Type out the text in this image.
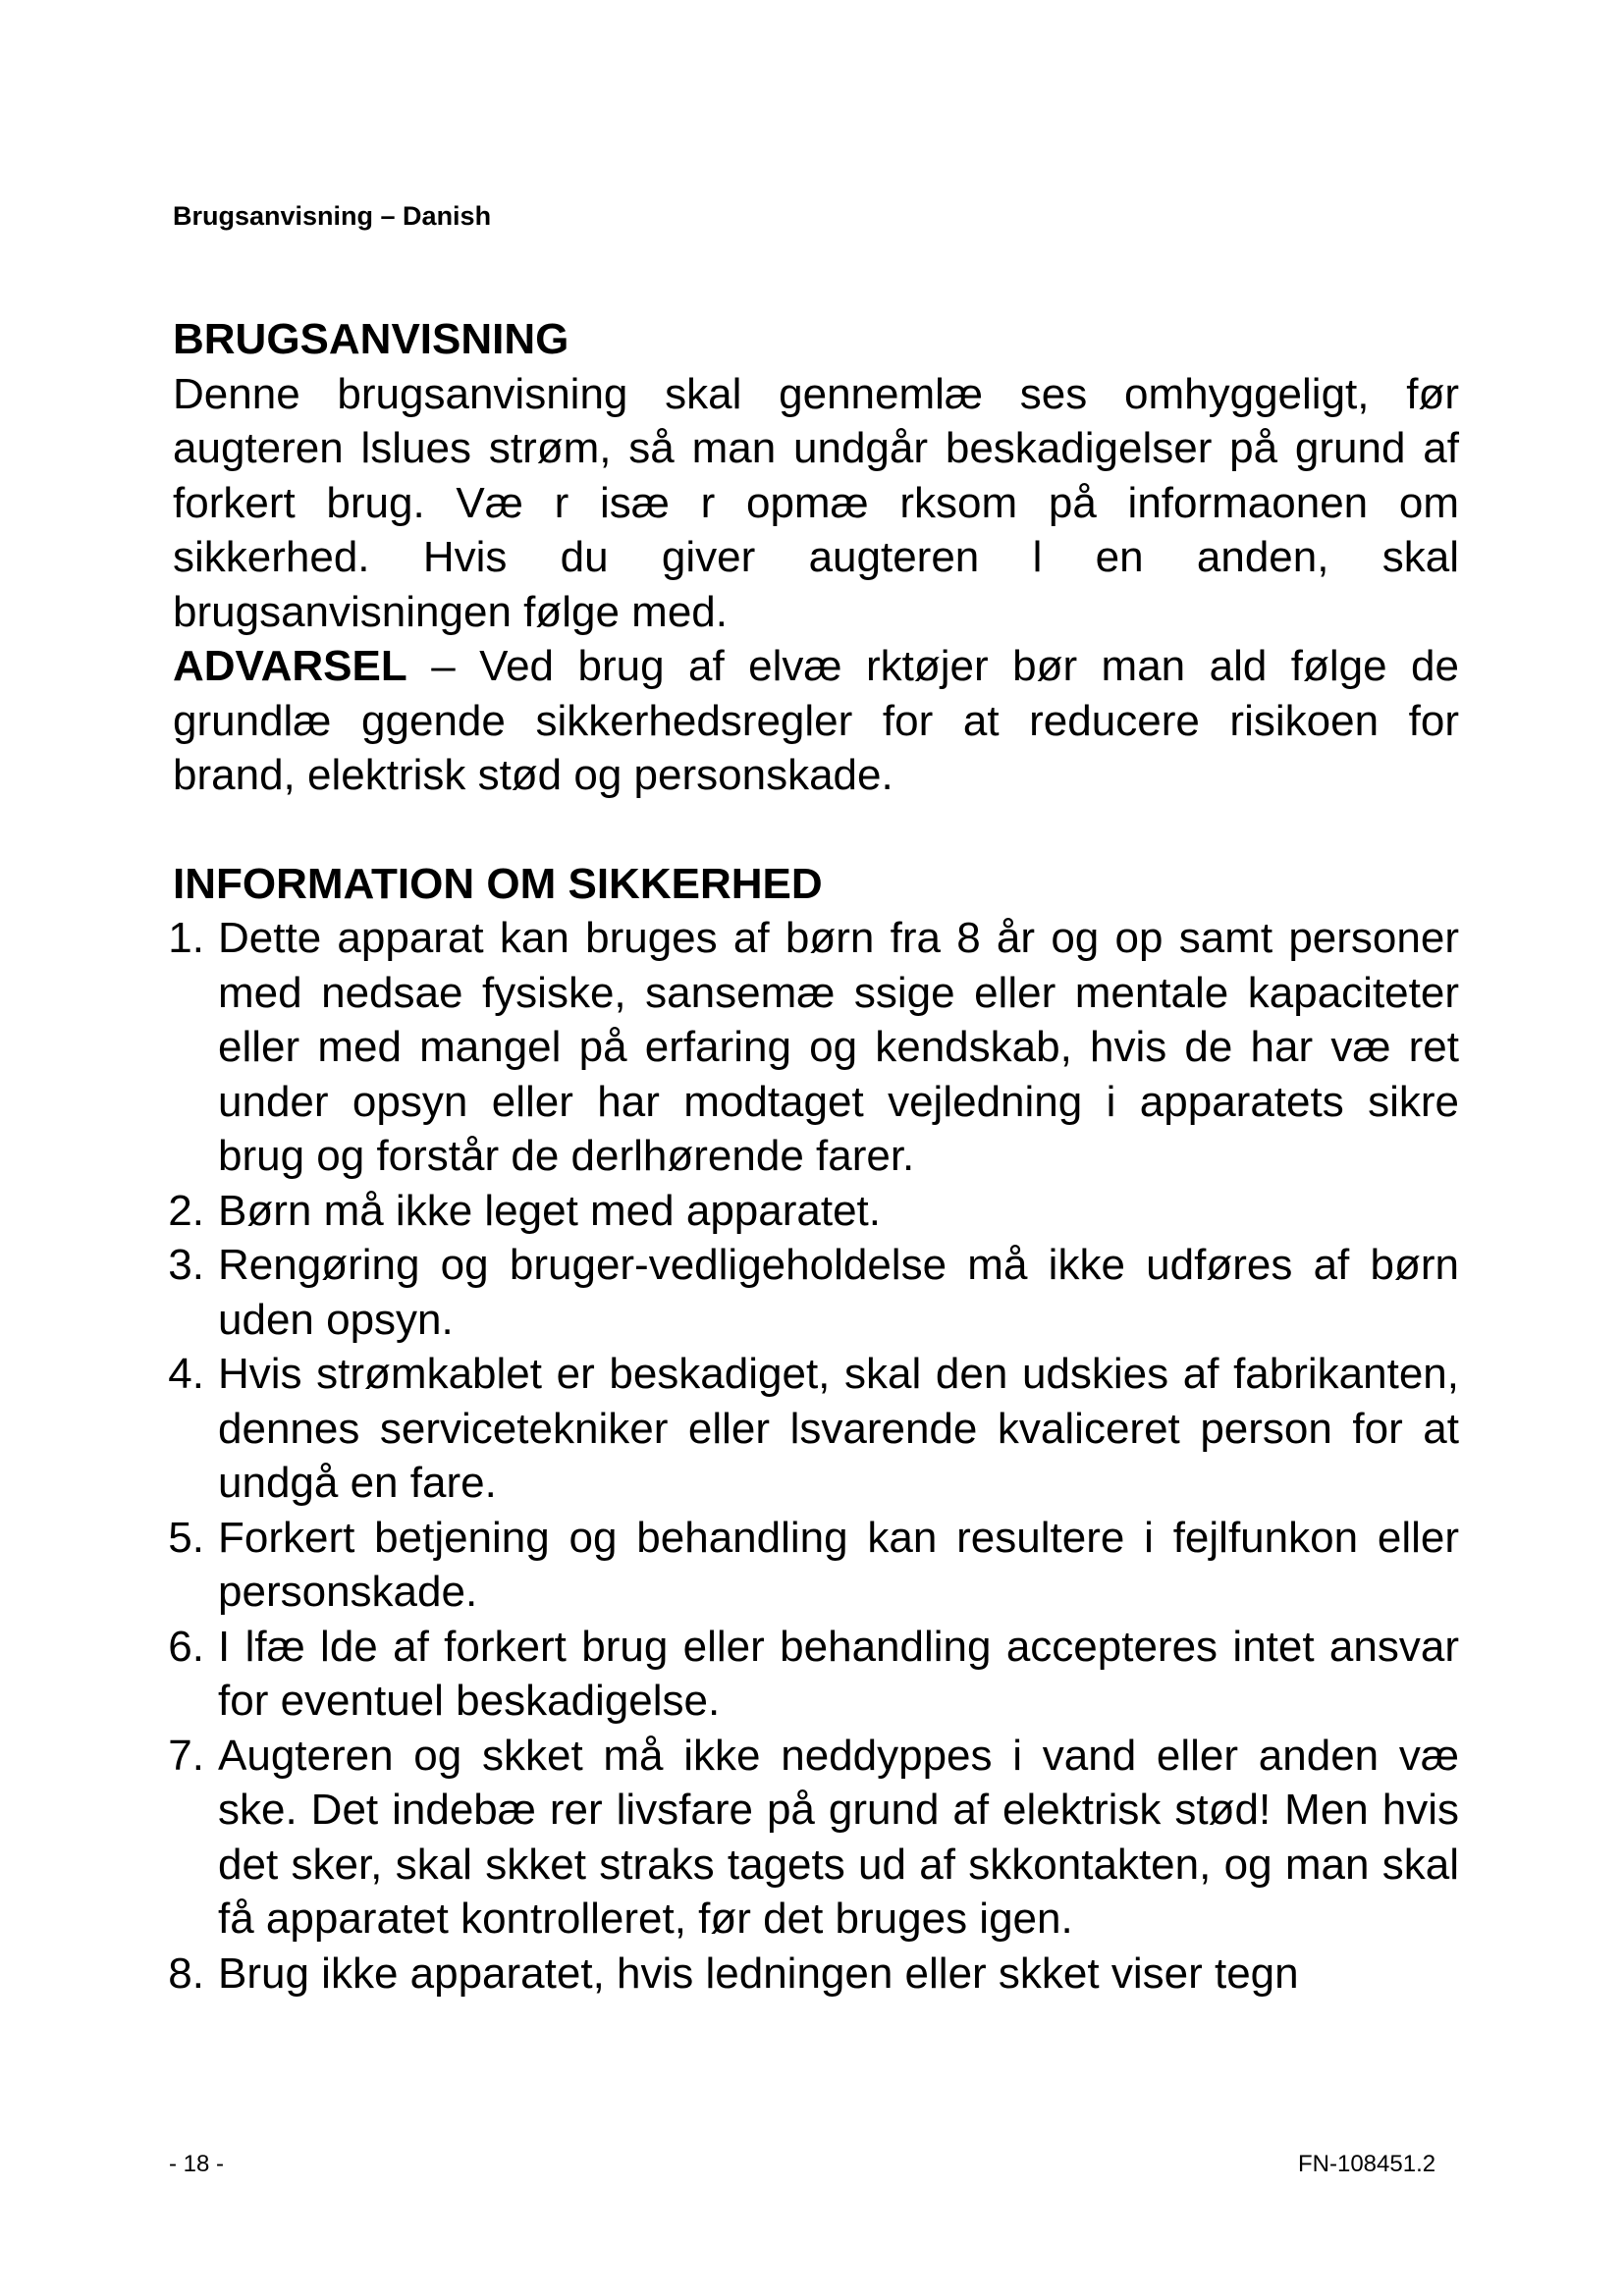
Brugsanvisning – Danish
BRUGSANVISNING
Denne brugsanvisning skal gennemlæ ses omhyggeligt, før augteren lslues strøm, så man undgår beskadigelser på grund af forkert brug. Væ r isæ r opmæ rksom på informaonen om sikkerhed. Hvis du giver augteren l en anden, skal brugsanvisningen følge med.
ADVARSEL – Ved brug af elvæ rktøjer bør man ald følge de grundlæ ggende sikkerhedsregler for at reducere risikoen for brand, elektrisk stød og personskade.
INFORMATION OM SIKKERHED
1. Dette apparat kan bruges af børn fra 8 år og op samt personer med nedsae fysiske, sansemæ ssige eller mentale kapaciteter eller med mangel på erfaring og kendskab, hvis de har væ ret under opsyn eller har modtaget vejledning i apparatets sikre brug og forstår de derlhørende farer.
2. Børn må ikke leget med apparatet.
3. Rengøring og bruger-vedligeholdelse må ikke udføres af børn uden opsyn.
4. Hvis strømkablet er beskadiget, skal den udskies af fabrikanten, dennes servicetekniker eller lsvarende kvaliceret person for at undgå en fare.
5. Forkert betjening og behandling kan resultere i fejlfunkon eller personskade.
6. I lfæ lde af forkert brug eller behandling accepteres intet ansvar for eventuel beskadigelse.
7. Augteren og skket må ikke neddyppes i vand eller anden væ ske. Det indebæ rer livsfare på grund af elektrisk stød! Men hvis det sker, skal skket straks tagets ud af skkontakten, og man skal få apparatet kontrolleret, før det bruges igen.
8. Brug ikke apparatet, hvis ledningen eller skket viser tegn
- 18 -	FN-108451.2
